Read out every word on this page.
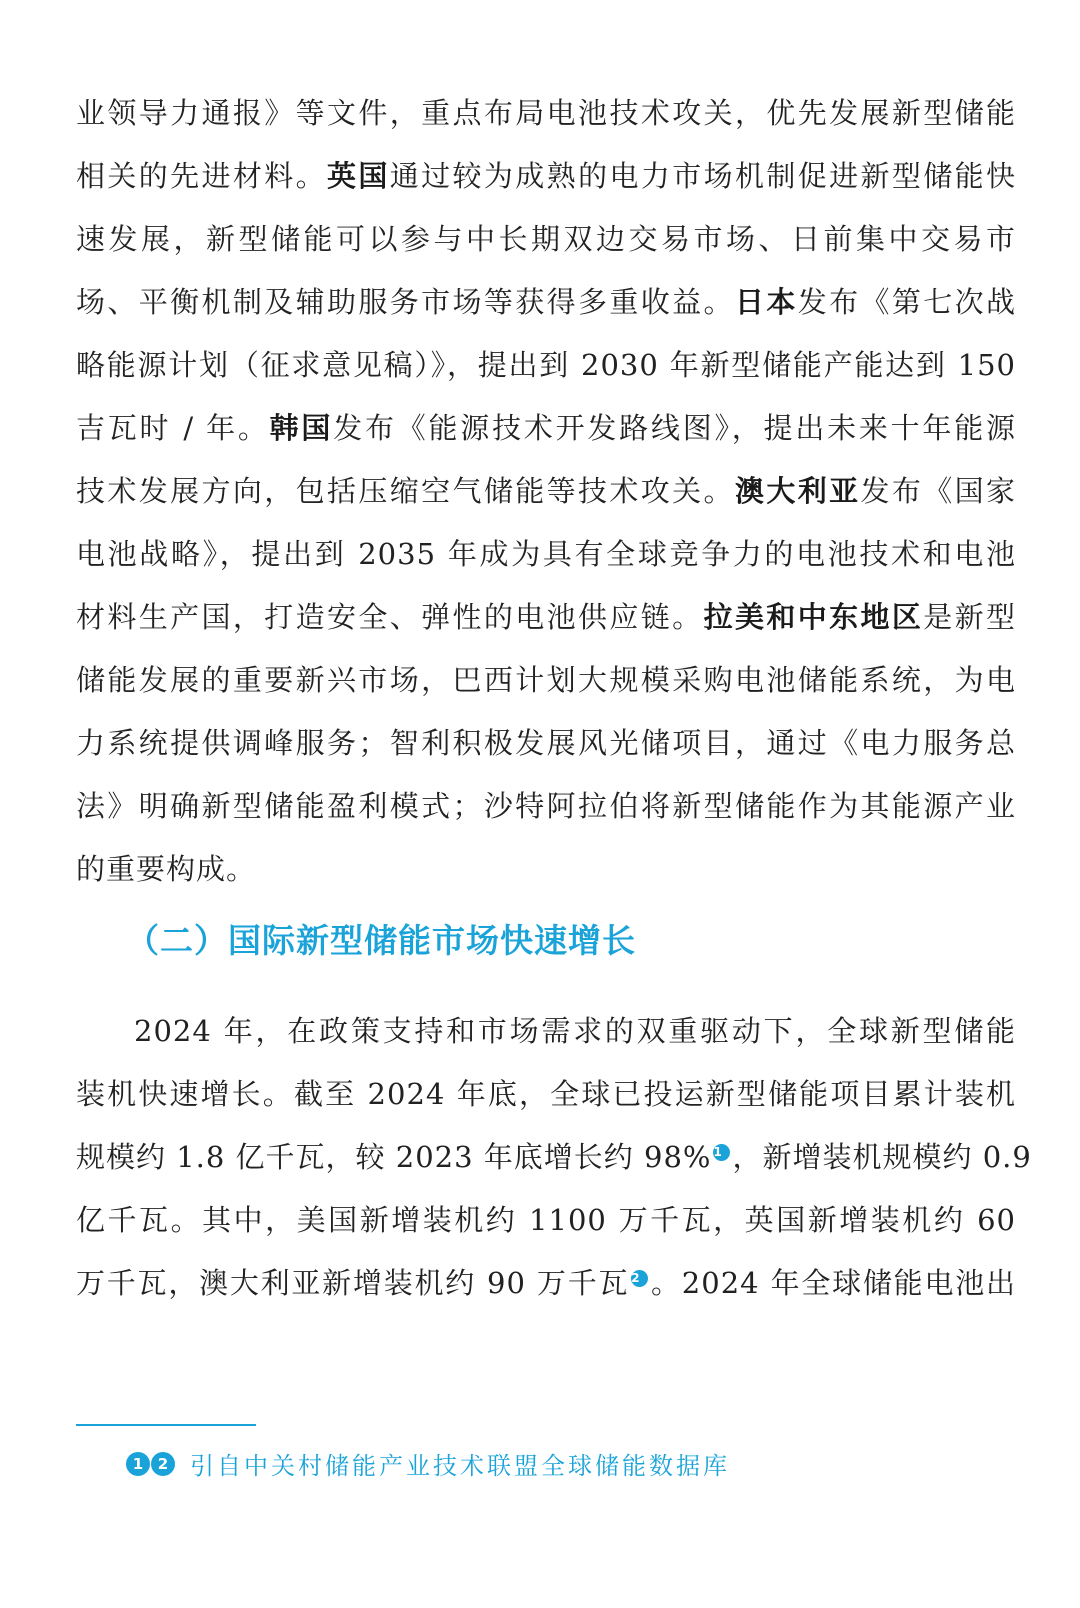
业领导力通报》等文件，重点布局电池技术攻关，优先发展新型储能
相关的先进材料。英国通过较为成熟的电力市场机制促进新型储能快
速发展，新型储能可以参与中长期双边交易市场、日前集中交易市
场、平衡机制及辅助服务市场等获得多重收益。日本发布《第七次战
略能源计划（征求意见稿）》，提出到 2030 年新型储能产能达到 150
吉瓦时 / 年。韩国发布《能源技术开发路线图》，提出未来十年能源
技术发展方向，包括压缩空气储能等技术攻关。澳大利亚发布《国家
电池战略》，提出到 2035 年成为具有全球竞争力的电池技术和电池
材料生产国，打造安全、弹性的电池供应链。拉美和中东地区是新型
储能发展的重要新兴市场，巴西计划大规模采购电池储能系统，为电
力系统提供调峰服务；智利积极发展风光储项目，通过《电力服务总
法》明确新型储能盈利模式；沙特阿拉伯将新型储能作为其能源产业
的重要构成。
（二）国际新型储能市场快速增长
2024 年，在政策支持和市场需求的双重驱动下，全球新型储能
装机快速增长。截至 2024 年底，全球已投运新型储能项目累计装机
规模约 1.8 亿千瓦，较 2023 年底增长约 98% 1 ，新增装机规模约 0.9
亿千瓦。其中，美国新增装机约 1100 万千瓦，英国新增装机约 60
万千瓦，澳大利亚新增装机约 90 万千瓦 2 。2024 年全球储能电池出
1 2 引自中关村储能产业技术联盟全球储能数据库
